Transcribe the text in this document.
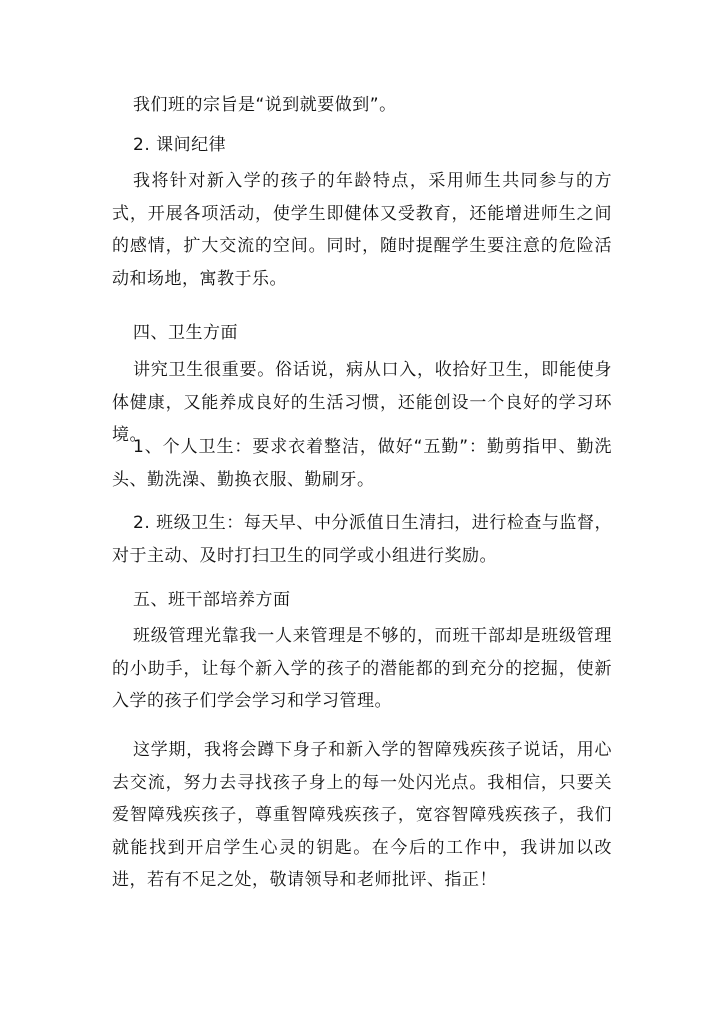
我们班的宗旨是“说到就要做到”。

2. 课间纪律

我将针对新入学的孩子的年龄特点，采用师生共同参与的方式，开展各项活动，使学生即健体又受教育，还能增进师生之间的感情，扩大交流的空间。同时，随时提醒学生要注意的危险活动和场地，寓教于乐。

四、卫生方面

讲究卫生很重要。俗话说，病从口入，收拾好卫生，即能使身体健康，又能养成良好的生活习惯，还能创设一个良好的学习环境。

1、个人卫生：要求衣着整洁，做好“五勤”：勤剪指甲、勤洗头、勤洗澡、勤换衣服、勤刷牙。

2. 班级卫生：每天早、中分派值日生清扫，进行检查与监督，对于主动、及时打扫卫生的同学或小组进行奖励。

五、班干部培养方面

班级管理光靠我一人来管理是不够的，而班干部却是班级管理的小助手，让每个新入学的孩子的潜能都的到充分的挖掘，使新入学的孩子们学会学习和学习管理。

这学期，我将会蹲下身子和新入学的智障残疾孩子说话，用心去交流，努力去寻找孩子身上的每一处闪光点。我相信，只要关爱智障残疾孩子，尊重智障残疾孩子，宽容智障残疾孩子，我们就能找到开启学生心灵的钥匙。在今后的工作中，我讲加以改进，若有不足之处，敬请领导和老师批评、指正！
